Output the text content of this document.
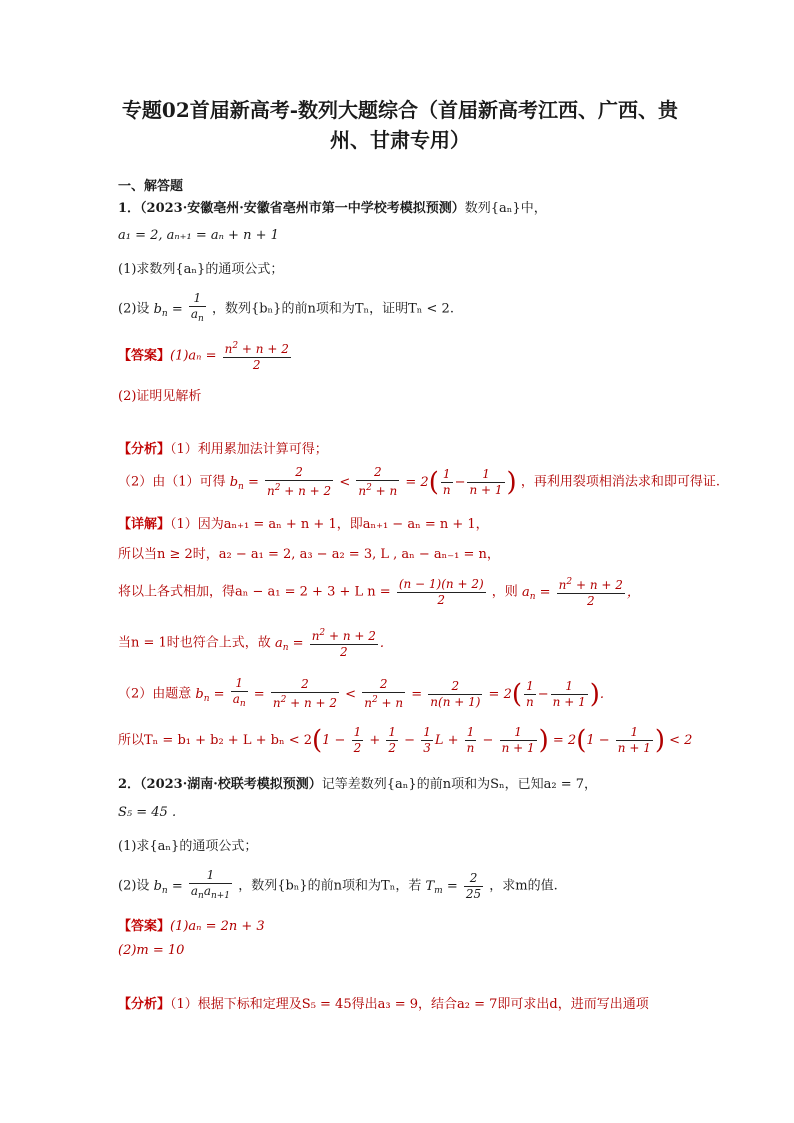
专题02首届新高考-数列大题综合（首届新高考江西、广西、贵
州、甘肃专用）
一、解答题
1．（2023·安徽亳州·安徽省亳州市第一中学校考模拟预测）数列{aₙ}中，
a₁ = 2, aₙ₊₁ = aₙ + n + 1
(1)求数列{aₙ}的通项公式；
(2)设 $b_n = \frac{1}{a_n}$ ，数列{bₙ}的前n项和为Tₙ，证明Tₙ < 2.
【答案】$(1)a_n = \frac{n^2 + n + 2}{2}$
(2)证明见解析
【分析】（1）利用累加法计算可得；
（2）由（1）可得 $b_n = \frac{2}{n^2 + n + 2} < \frac{2}{n^2 + n} = 2( \frac{1}{n} - \frac{1}{n + 1}$ ) ，再利用裂项相消法求和即可得证.
【详解】（1）因为aₙ₊₁ = aₙ + n + 1，即aₙ₊₁ − aₙ = n + 1，
所以当n ≥ 2时，a₂ − a₁ = 2, a₃ − a₂ = 3, L , aₙ − aₙ₋₁ = n，
将以上各式相加，得aₙ − a₁ = 2 + 3 + L $n = \frac{(n - 1)(n + 2)}{2}$ ，则 $a_n = \frac{n^2 + n + 2}{2}$ ，
当n = 1时也符合上式，故 $a_n = \frac{n^2 + n + 2}{2}$ .
（2）由题意 $b_n = \frac{1}{a_n} = \frac{2}{n^2 + n + 2} < \frac{2}{n^2 + n} = \frac{2}{n(n + 1)} = 2( \frac{1}{n} - \frac{1}{n + 1}$ ).
所以$T_n = b_1 + b_2 + L + b_n < 2(1 - \frac{1}{2} + \frac{1}{2} - \frac{1}{3}$ $L + \frac{1}{n} - \frac{1}{n + 1}$ ) = $2(1 - \frac{1}{n + 1}$ ) < 2
2．（2023·湖南·校联考模拟预测）记等差数列{aₙ}的前n项和为Sₙ，已知a₂ = 7，
S₅ = 45 .
(1)求{aₙ}的通项公式；
(2)设 $b_n = \frac{1}{a_na_{n+1}}$ ，数列{bₙ}的前n项和为Tₙ，若 $T_m = \frac{2}{25}$ ，求m的值.
【答案】(1)aₙ = 2n + 3
(2)m = 10
【分析】（1）根据下标和定理及S₅ = 45得出a₃ = 9，结合a₂ = 7即可求出d，进而写出通项
